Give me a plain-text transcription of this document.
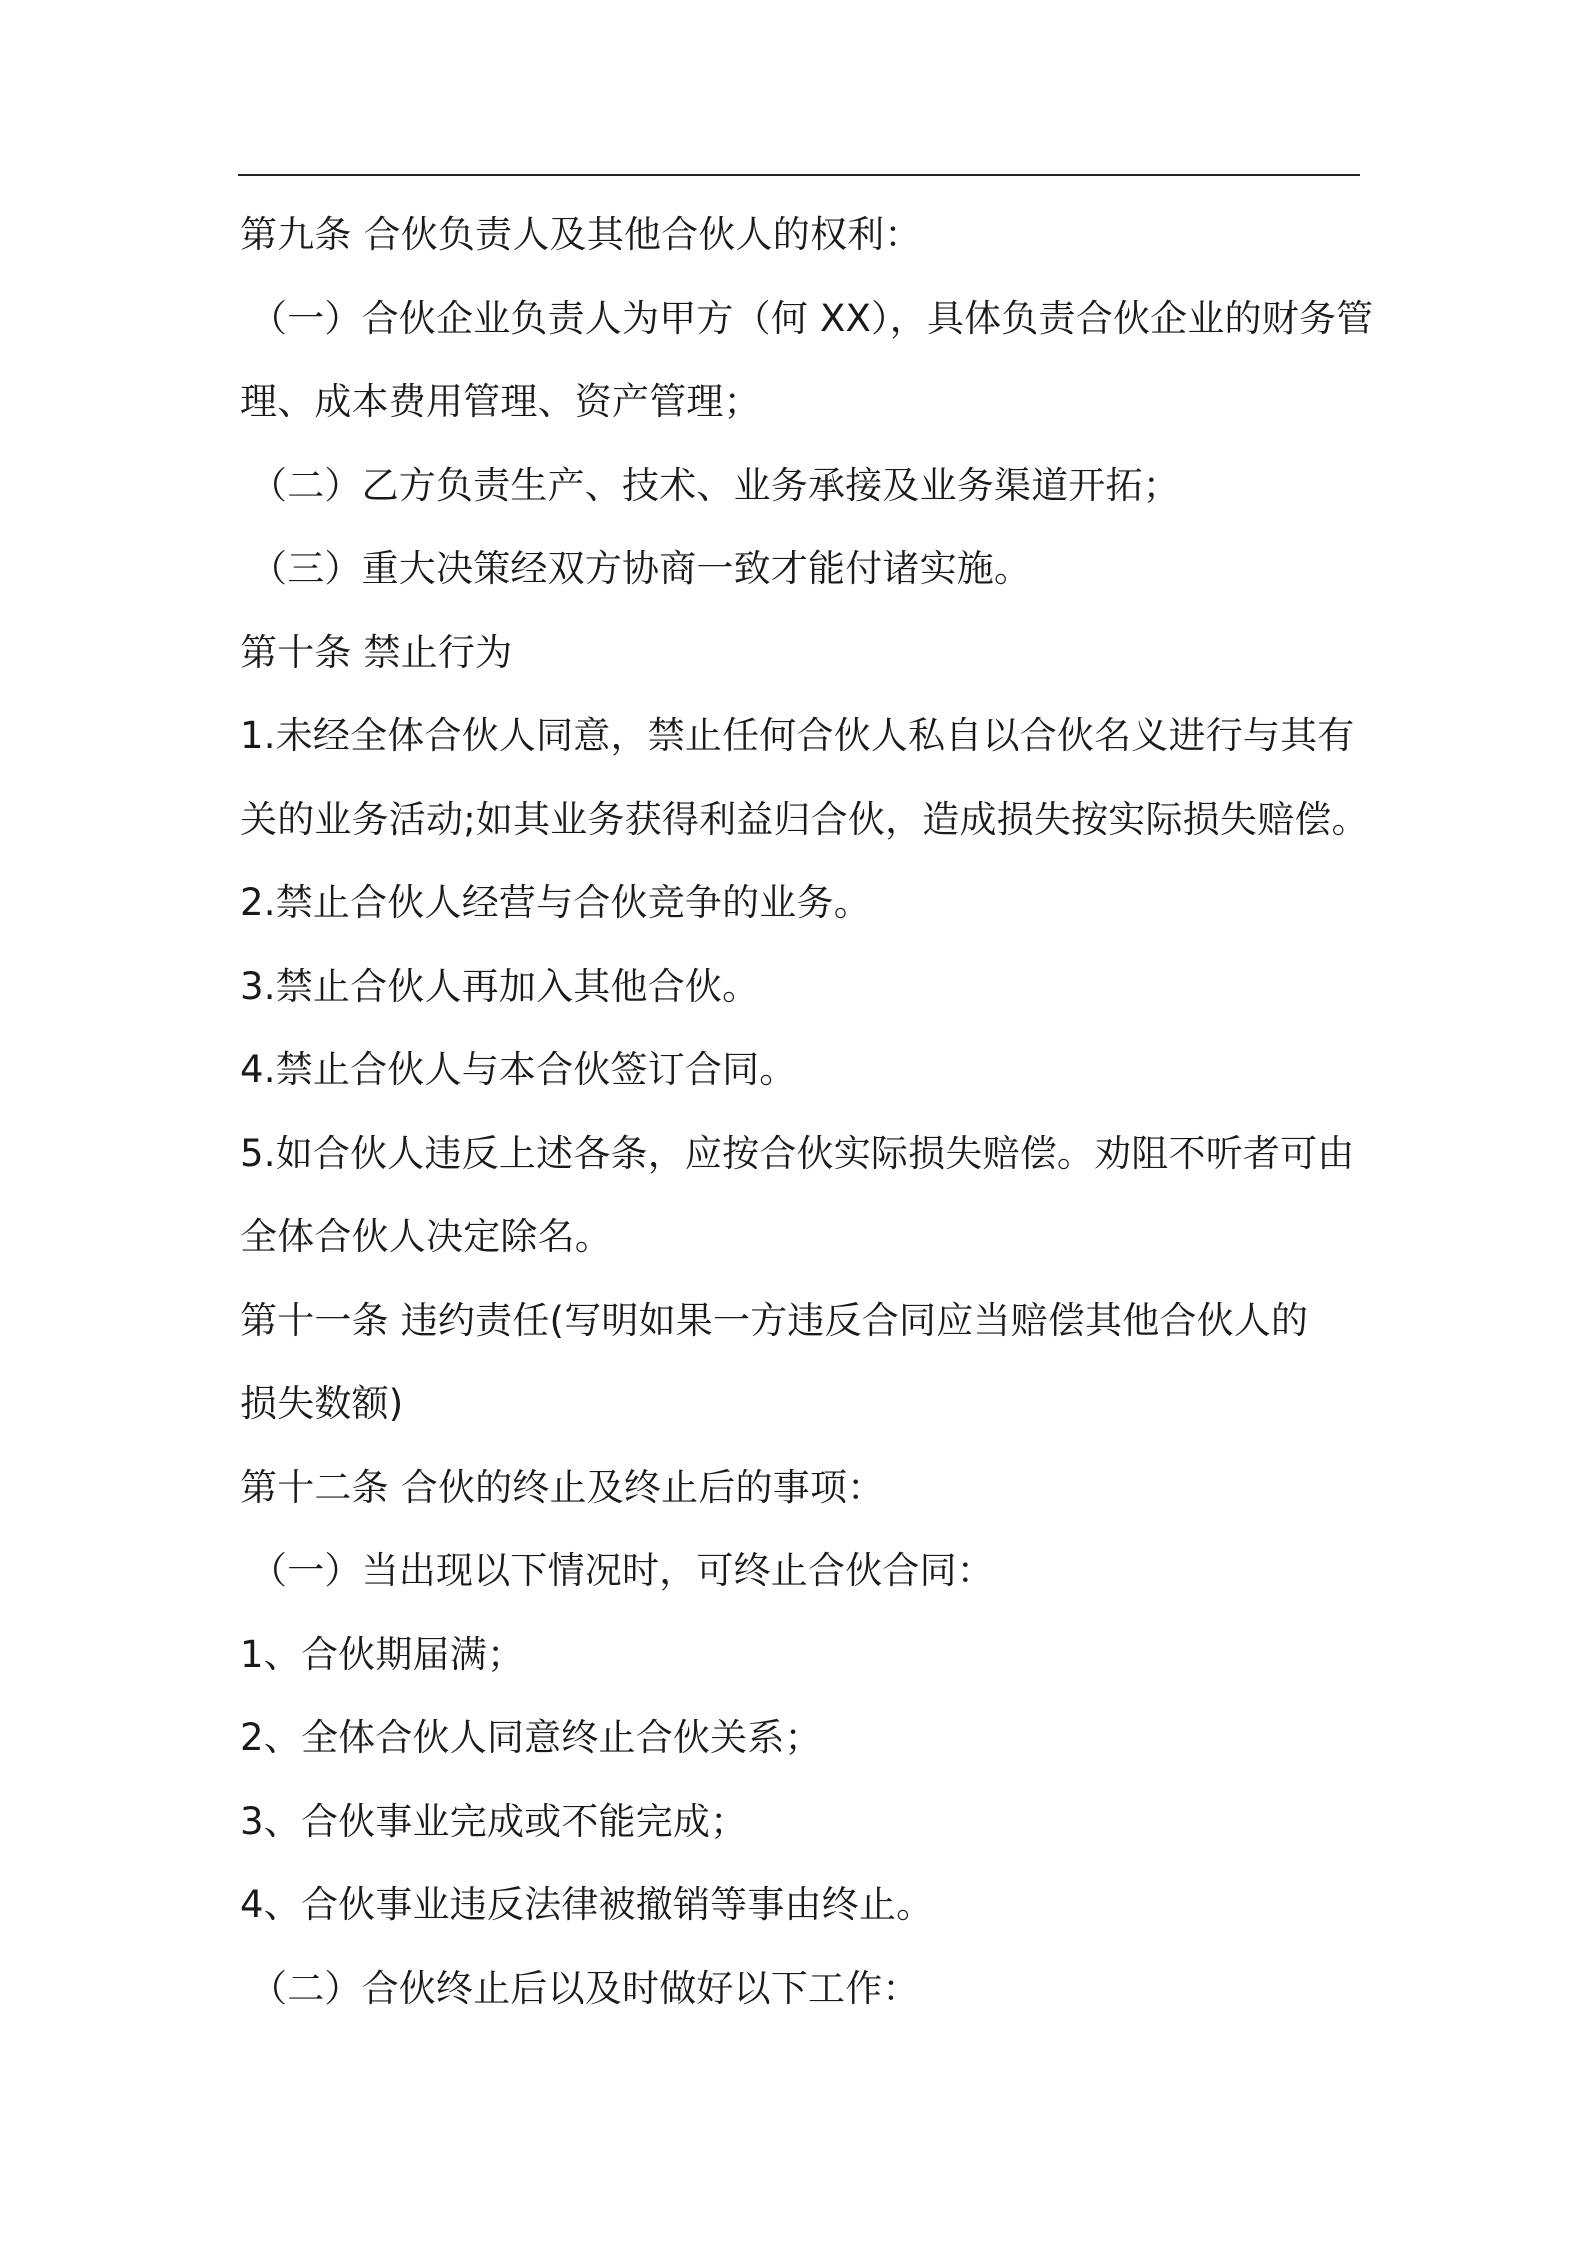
第九条 合伙负责人及其他合伙人的权利：
（一）合伙企业负责人为甲方（何 XX），具体负责合伙企业的财务管
理、成本费用管理、资产管理；
（二）乙方负责生产、技术、业务承接及业务渠道开拓；
（三）重大决策经双方协商一致才能付诸实施。
第十条 禁止行为
1.未经全体合伙人同意，禁止任何合伙人私自以合伙名义进行与其有
关的业务活动;如其业务获得利益归合伙，造成损失按实际损失赔偿。
2.禁止合伙人经营与合伙竞争的业务。
3.禁止合伙人再加入其他合伙。
4.禁止合伙人与本合伙签订合同。
5.如合伙人违反上述各条，应按合伙实际损失赔偿。劝阻不听者可由
全体合伙人决定除名。
第十一条 违约责任(写明如果一方违反合同应当赔偿其他合伙人的
损失数额)
第十二条 合伙的终止及终止后的事项：
（一）当出现以下情况时，可终止合伙合同：
1、合伙期届满；
2、全体合伙人同意终止合伙关系；
3、合伙事业完成或不能完成；
4、合伙事业违反法律被撤销等事由终止。
（二）合伙终止后以及时做好以下工作：
